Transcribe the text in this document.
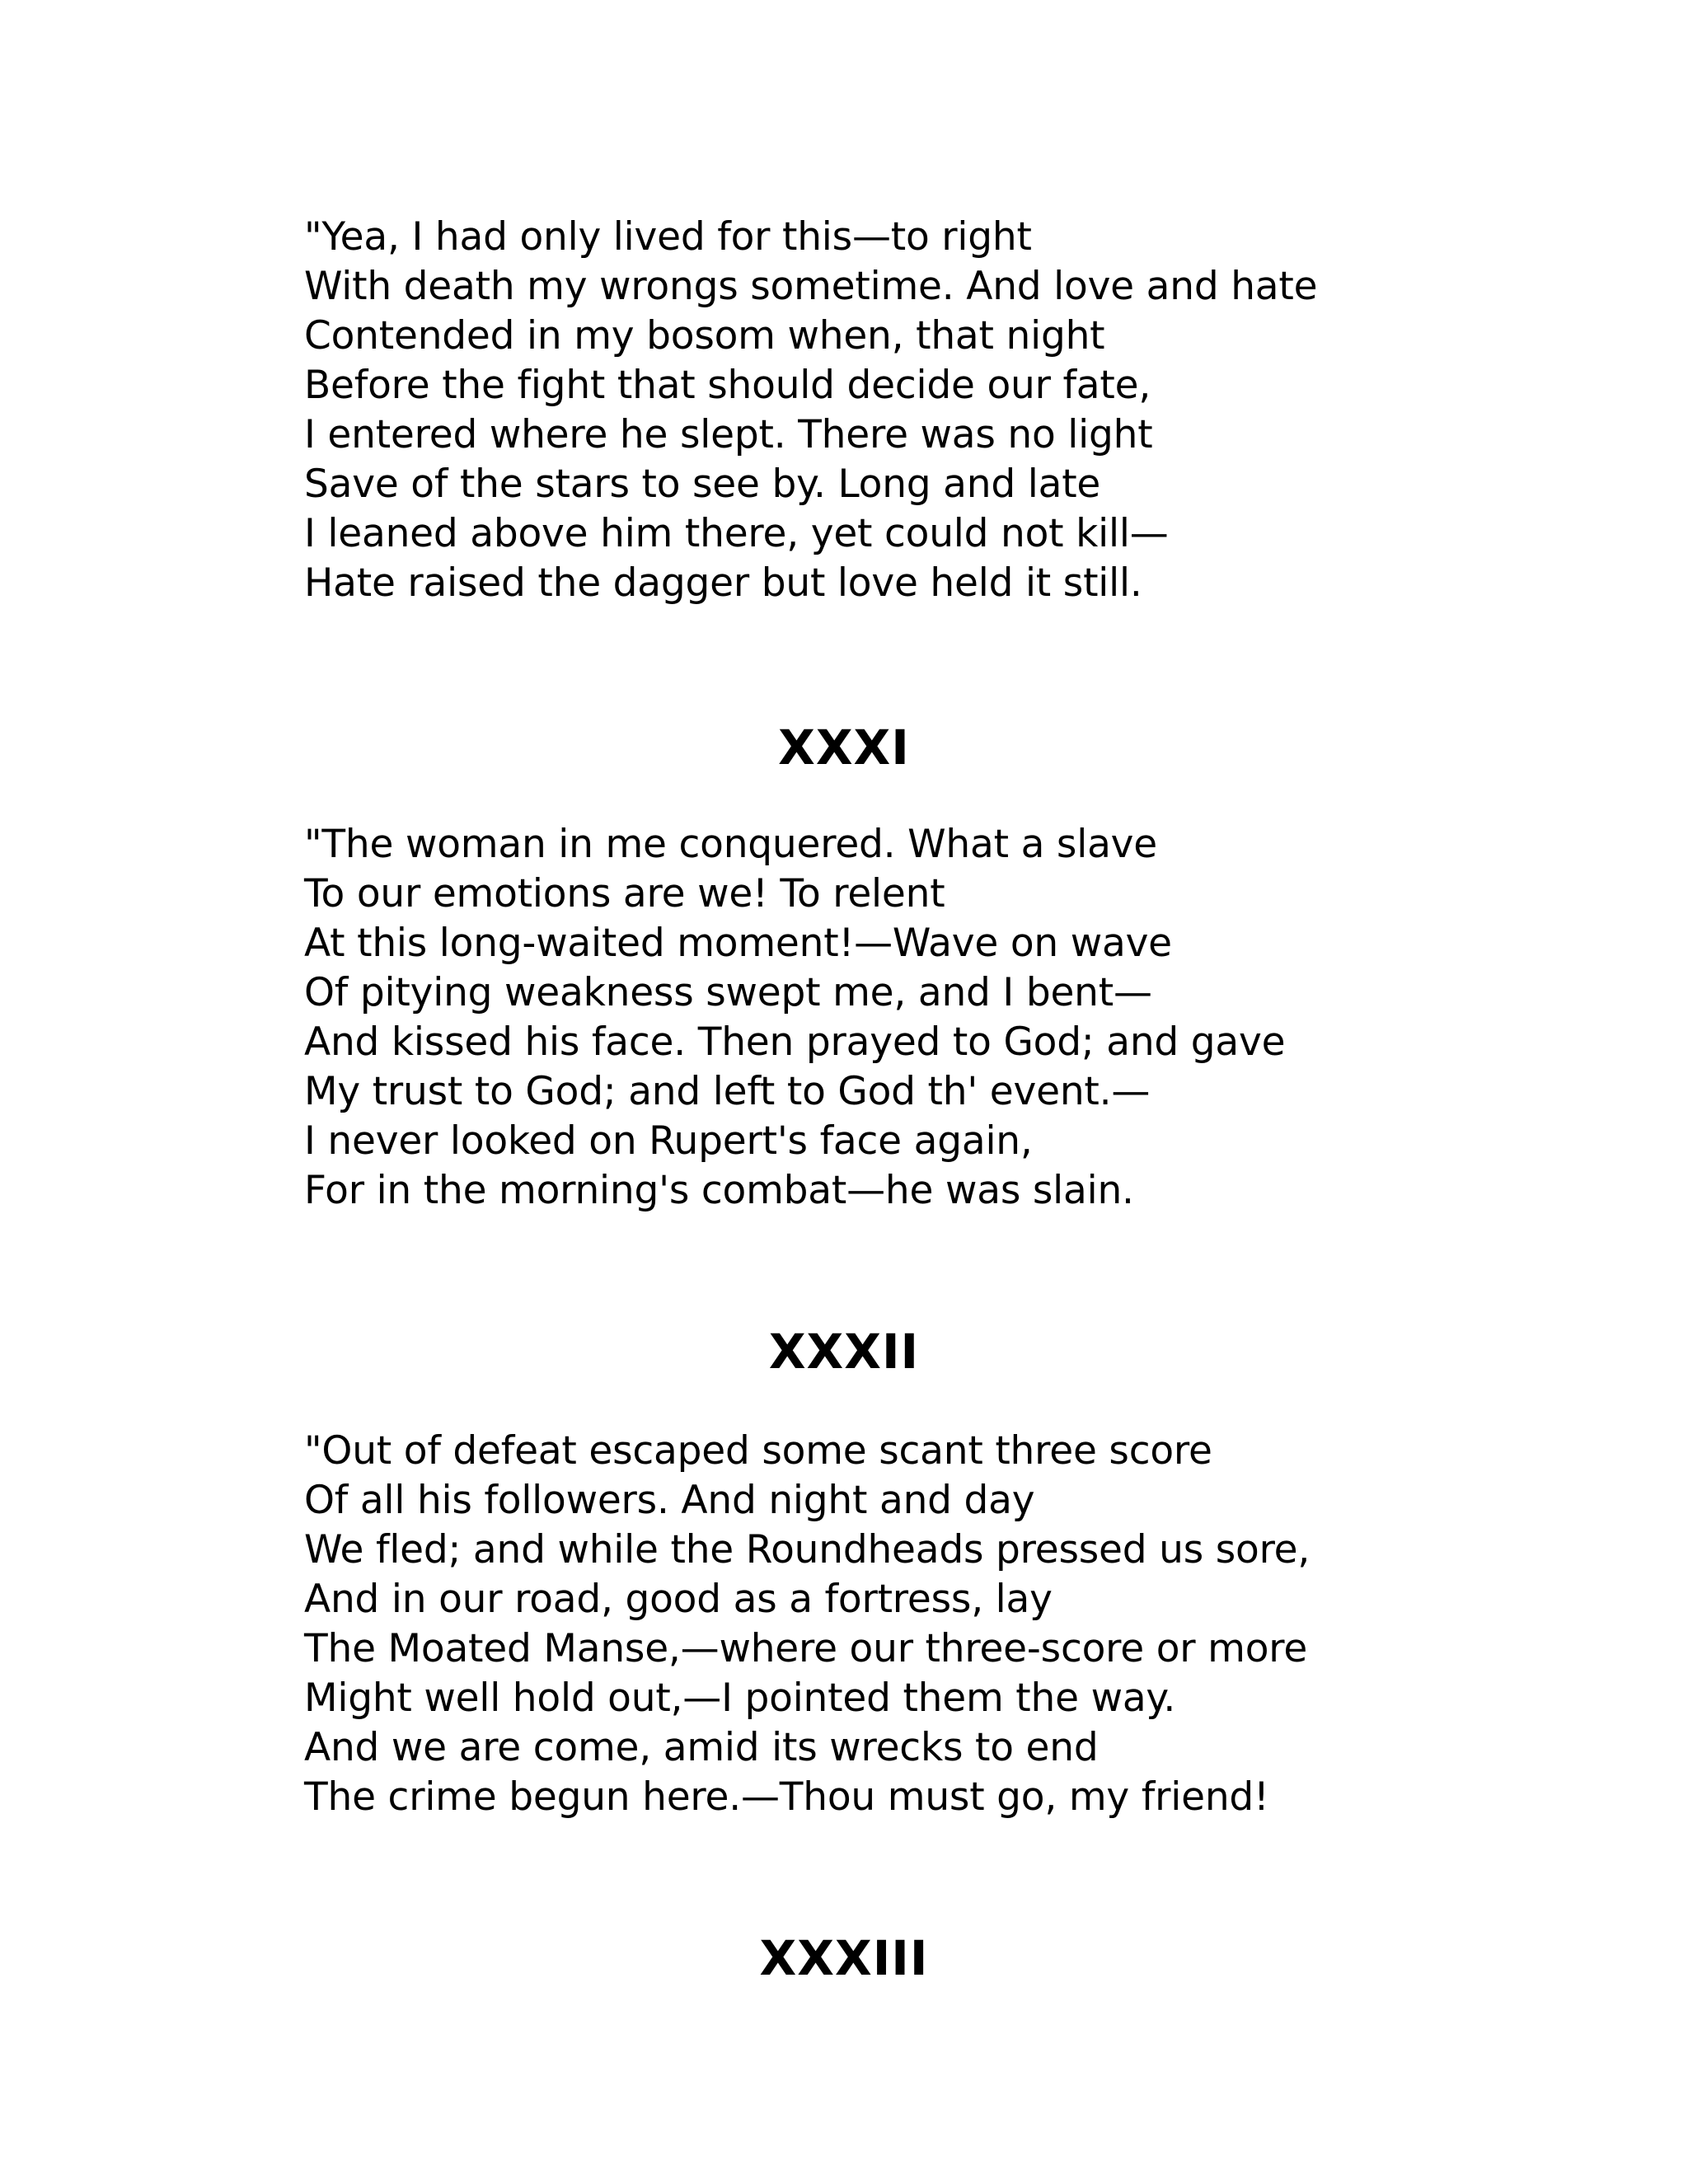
"Yea, I had only lived for this—to right
With death my wrongs sometime. And love and hate
Contended in my bosom when, that night
Before the fight that should decide our fate,
I entered where he slept. There was no light
Save of the stars to see by. Long and late
I leaned above him there, yet could not kill—
Hate raised the dagger but love held it still.
XXXI
"The woman in me conquered. What a slave
To our emotions are we! To relent
At this long-waited moment!—Wave on wave
Of pitying weakness swept me, and I bent—
And kissed his face. Then prayed to God; and gave
My trust to God; and left to God th' event.—
I never looked on Rupert's face again,
For in the morning's combat—he was slain.
XXXII
"Out of defeat escaped some scant three score
Of all his followers. And night and day
We fled; and while the Roundheads pressed us sore,
And in our road, good as a fortress, lay
The Moated Manse,—where our three-score or more
Might well hold out,—I pointed them the way.
And we are come, amid its wrecks to end
The crime begun here.—Thou must go, my friend!
XXXIII
